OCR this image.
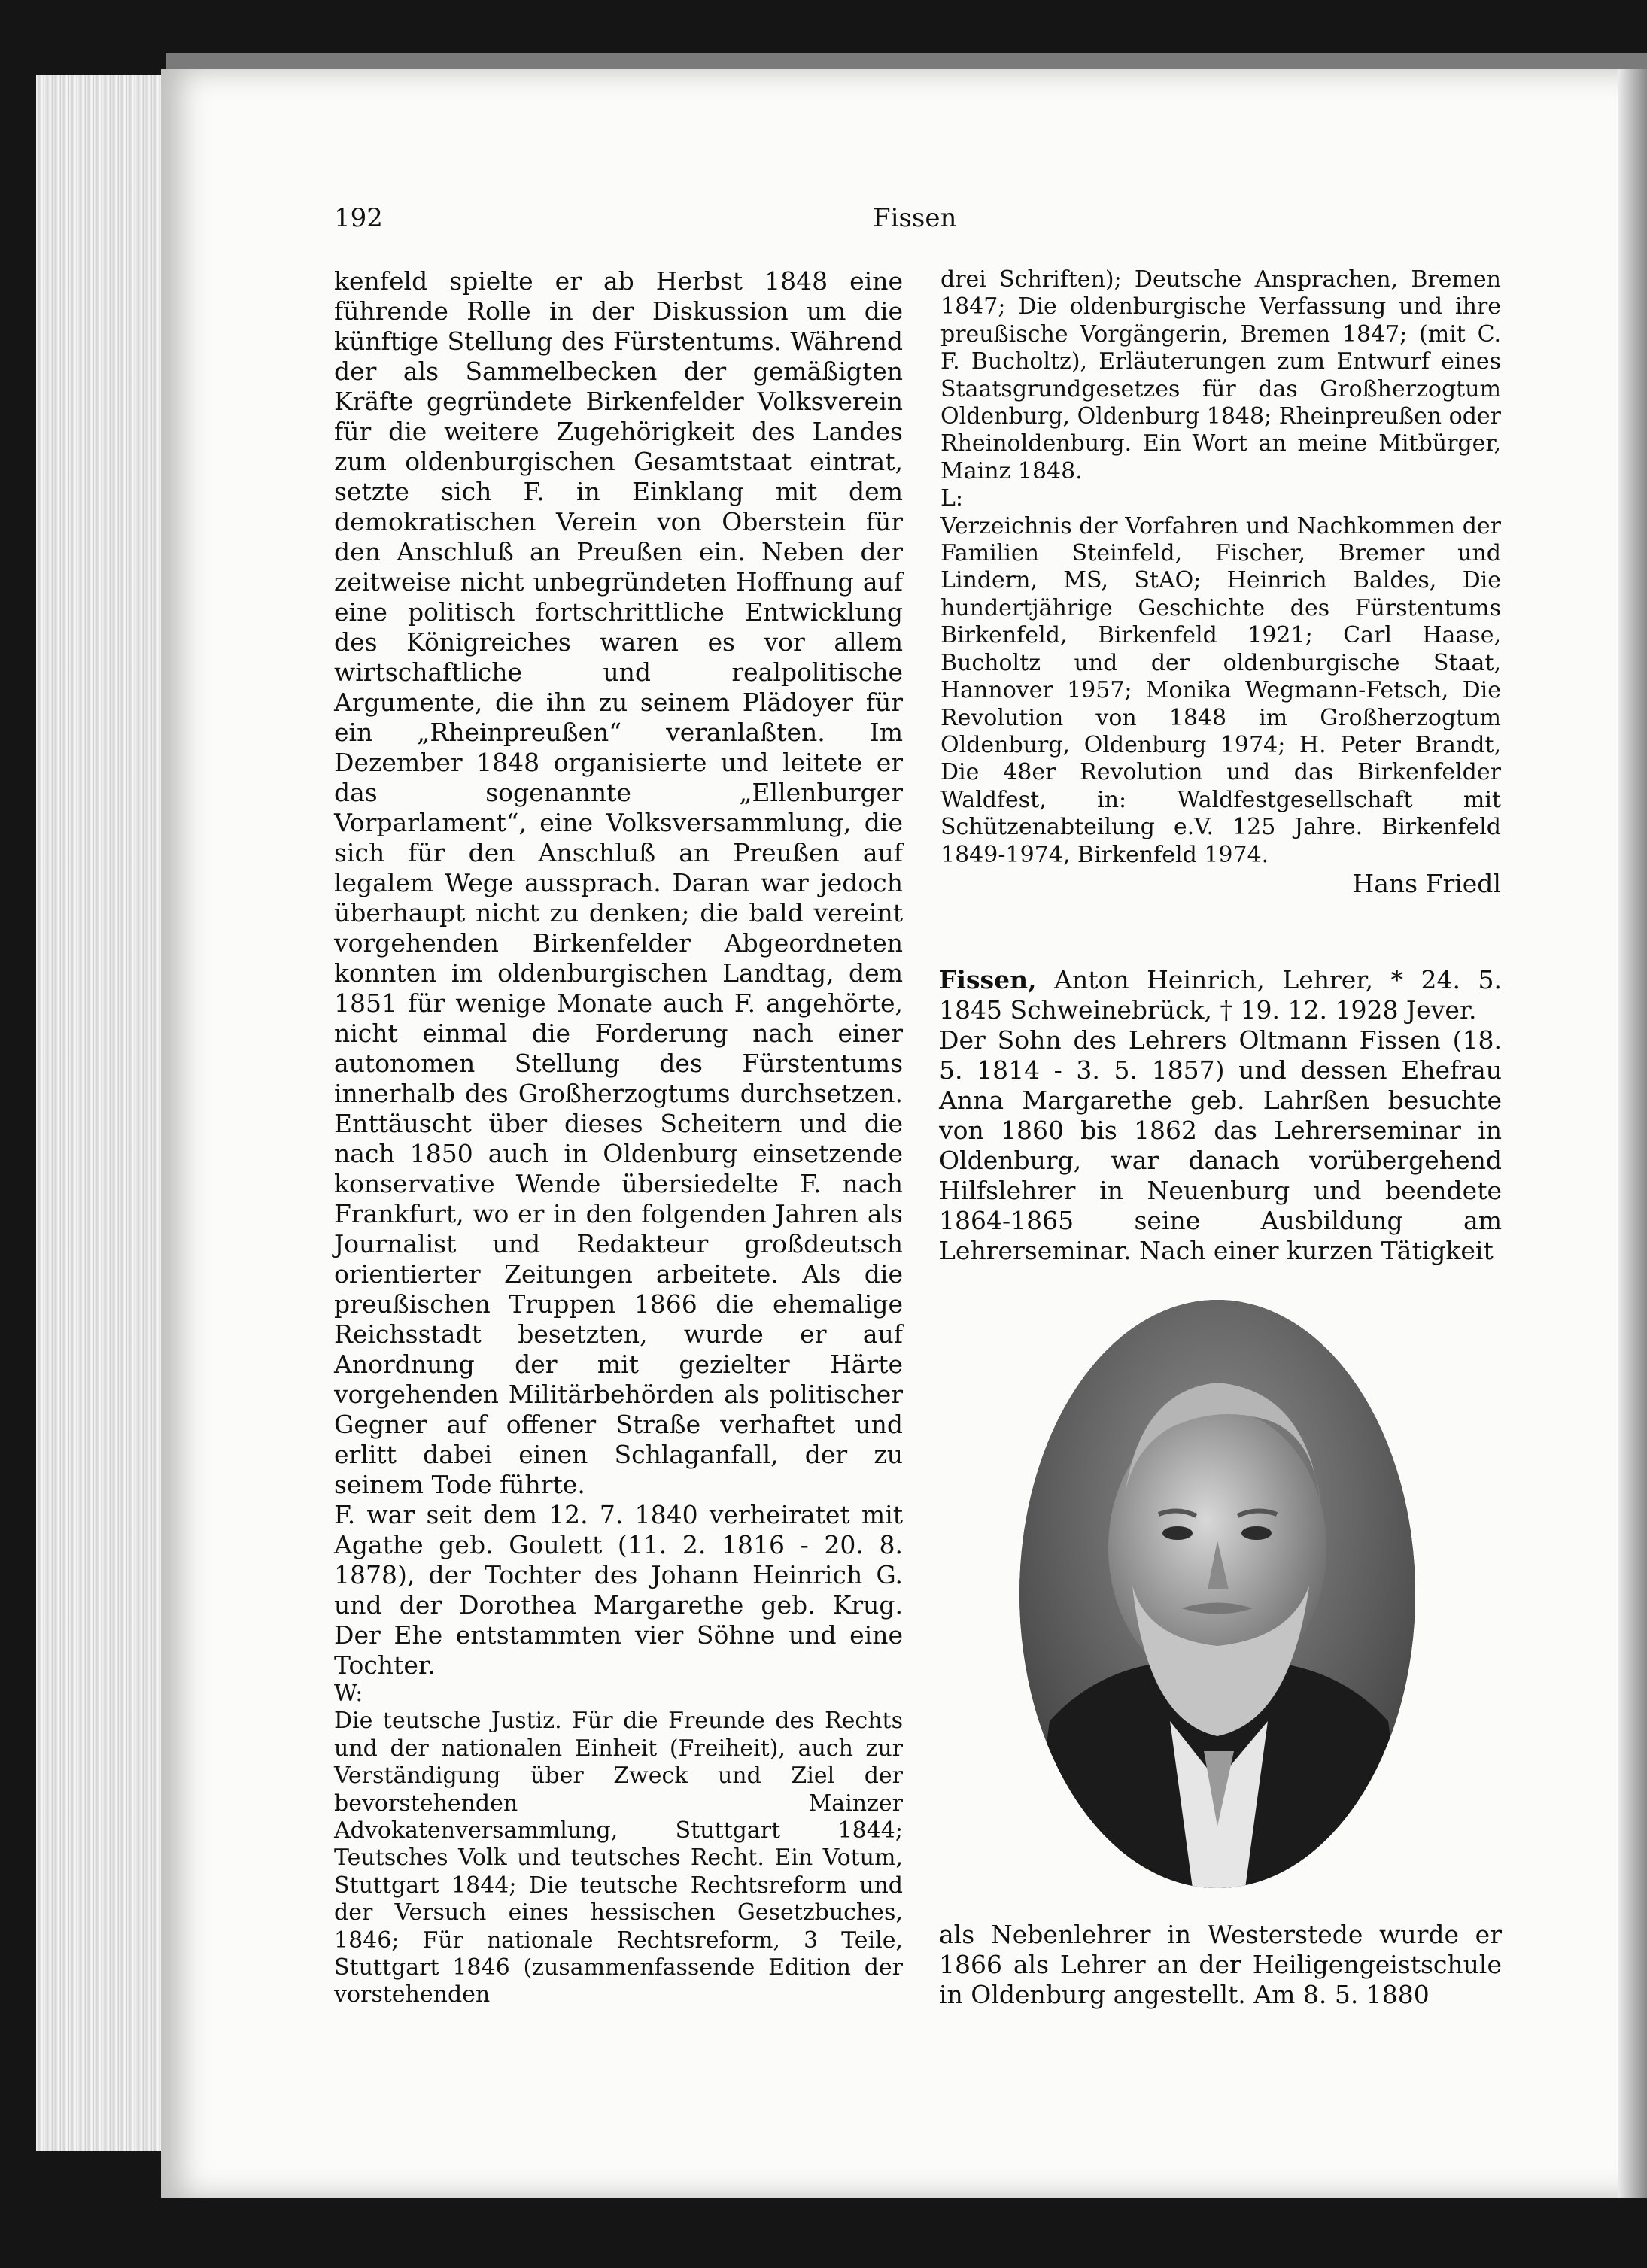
192	Fissen

kenfeld spielte er ab Herbst 1848 eine führende Rolle in der Diskussion um die künftige Stellung des Fürstentums. Während der als Sammelbecken der gemäßigten Kräfte gegründete Birkenfelder Volksverein für die weitere Zugehörigkeit des Landes zum oldenburgischen Gesamtstaat eintrat, setzte sich F. in Einklang mit dem demokratischen Verein von Oberstein für den Anschluß an Preußen ein. Neben der zeitweise nicht unbegründeten Hoffnung auf eine politisch fortschrittliche Entwicklung des Königreiches waren es vor allem wirtschaftliche und realpolitische Argumente, die ihn zu seinem Plädoyer für ein „Rheinpreußen“ veranlaßten. Im Dezember 1848 organisierte und leitete er das sogenannte „Ellenburger Vorparlament“, eine Volksversammlung, die sich für den Anschluß an Preußen auf legalem Wege aussprach. Daran war jedoch überhaupt nicht zu denken; die bald vereint vorgehenden Birkenfelder Abgeordneten konnten im oldenburgischen Landtag, dem 1851 für wenige Monate auch F. angehörte, nicht einmal die Forderung nach einer autonomen Stellung des Fürstentums innerhalb des Großherzogtums durchsetzen. Enttäuscht über dieses Scheitern und die nach 1850 auch in Oldenburg einsetzende konservative Wende übersiedelte F. nach Frankfurt, wo er in den folgenden Jahren als Journalist und Redakteur großdeutsch orientierter Zeitungen arbeitete. Als die preußischen Truppen 1866 die ehemalige Reichsstadt besetzten, wurde er auf Anordnung der mit gezielter Härte vorgehenden Militärbehörden als politischer Gegner auf offener Straße verhaftet und erlitt dabei einen Schlaganfall, der zu seinem Tode führte.

F. war seit dem 12. 7. 1840 verheiratet mit Agathe geb. Goulett (11. 2. 1816 - 20. 8. 1878), der Tochter des Johann Heinrich G. und der Dorothea Margarethe geb. Krug. Der Ehe entstammten vier Söhne und eine Tochter.

W:

Die teutsche Justiz. Für die Freunde des Rechts und der nationalen Einheit (Freiheit), auch zur Verständigung über Zweck und Ziel der bevorstehenden Mainzer Advokatenversammlung, Stuttgart 1844; Teutsches Volk und teutsches Recht. Ein Votum, Stuttgart 1844; Die teutsche Rechtsreform und der Versuch eines hessischen Gesetzbuches, 1846; Für nationale Rechtsreform, 3 Teile, Stuttgart 1846 (zusammenfassende Edition der vorstehenden

drei Schriften); Deutsche Ansprachen, Bremen 1847; Die oldenburgische Verfassung und ihre preußische Vorgängerin, Bremen 1847; (mit C. F. Bucholtz), Erläuterungen zum Entwurf eines Staatsgrundgesetzes für das Großherzogtum Oldenburg, Oldenburg 1848; Rheinpreußen oder Rheinoldenburg. Ein Wort an meine Mitbürger, Mainz 1848.

L:

Verzeichnis der Vorfahren und Nachkommen der Familien Steinfeld, Fischer, Bremer und Lindern, MS, StAO; Heinrich Baldes, Die hundertjährige Geschichte des Fürstentums Birkenfeld, Birkenfeld 1921; Carl Haase, Bucholtz und der oldenburgische Staat, Hannover 1957; Monika Wegmann-Fetsch, Die Revolution von 1848 im Großherzogtum Oldenburg, Oldenburg 1974; H. Peter Brandt, Die 48er Revolution und das Birkenfelder Waldfest, in: Waldfestgesellschaft mit Schützenabteilung e.V. 125 Jahre. Birkenfeld 1849-1974, Birkenfeld 1974.

Hans Friedl

Fissen, Anton Heinrich, Lehrer, * 24. 5. 1845 Schweinebrück, † 19. 12. 1928 Jever.

Der Sohn des Lehrers Oltmann Fissen (18. 5. 1814 - 3. 5. 1857) und dessen Ehefrau Anna Margarethe geb. Lahrßen besuchte von 1860 bis 1862 das Lehrerseminar in Oldenburg, war danach vorübergehend Hilfslehrer in Neuenburg und beendete 1864-1865 seine Ausbildung am Lehrerseminar. Nach einer kurzen Tätigkeit

als Nebenlehrer in Westerstede wurde er 1866 als Lehrer an der Heiligengeistschule in Oldenburg angestellt. Am 8. 5. 1880
